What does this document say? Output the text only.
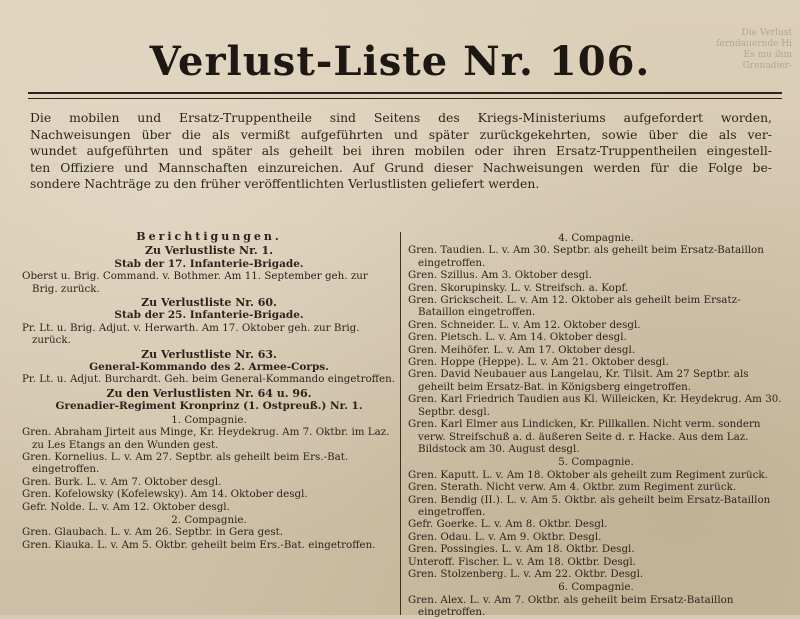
Die Verlust
ferndauernde Hi
Es mu ihm
Grenadier-
Verlust-Liste Nr. 106.
Die mobilen und Ersatz-Truppentheile sind Seitens des Kriegs-Ministeriums aufgefordert worden,
Nachweisungen über die als vermißt aufgeführten und später zurückgekehrten, sowie über die als ver-
wundet aufgeführten und später als geheilt bei ihren mobilen oder ihren Ersatz-Truppentheilen eingestell-
ten Offiziere und Mannschaften einzureichen. Auf Grund dieser Nachweisungen werden für die Folge be-
sondere Nachträge zu den früher veröffentlichten Verlustlisten geliefert werden.
Berichtigungen.
Zu Verlustliste Nr. 1.
Stab der 17. Infanterie-Brigade.
Oberst u. Brig. Command. v. Bothmer. Am 11. September geh. zur Brig. zurück.
Zu Verlustliste Nr. 60.
Stab der 25. Infanterie-Brigade.
Pr. Lt. u. Brig. Adjut. v. Herwarth. Am 17. Oktober geh. zur Brig. zurück.
Zu Verlustliste Nr. 63.
General-Kommando des 2. Armee-Corps.
Pr. Lt. u. Adjut. Burchardt. Geh. beim General-Kommando eingetroffen.
Zu den Verlustlisten Nr. 64 u. 96.
Grenadier-Regiment Kronprinz (1. Ostpreuß.) Nr. 1.
1. Compagnie.
Gren. Abraham Jirteit aus Minge, Kr. Heydekrug. Am 7. Oktbr. im Laz. zu Les Etangs an den Wunden gest.
Gren. Kornelius. L. v. Am 27. Septbr. als geheilt beim Ers.-Bat. eingetroffen.
Gren. Burk. L. v. Am 7. Oktober desgl.
Gren. Kofelowsky (Kofelewsky). Am 14. Oktober desgl.
Gefr. Nolde. L. v. Am 12. Oktober desgl.
2. Compagnie.
Gren. Glaubach. L. v. Am 26. Septbr. in Gera gest.
Gren. Kiauka. L. v. Am 5. Oktbr. geheilt beim Ers.-Bat. eingetroffen.
4. Compagnie.
Gren. Taudien. L. v. Am 30. Septbr. als geheilt beim Ersatz-Bataillon eingetroffen.
Gren. Szillus. Am 3. Oktober desgl.
Gren. Skorupinsky. L. v. Streifsch. a. Kopf.
Gren. Grickscheit. L. v. Am 12. Oktober als geheilt beim Ersatz-Bataillon eingetroffen.
Gren. Schneider. L. v. Am 12. Oktober desgl.
Gren. Pietsch. L. v. Am 14. Oktober desgl.
Gren. Meihöfer. L. v. Am 17. Oktober desgl.
Gren. Hoppe (Heppe). L. v. Am 21. Oktober desgl.
Gren. David Neubauer aus Langelau, Kr. Tilsit. Am 27 Septbr. als geheilt beim Ersatz-Bat. in Königsberg eingetroffen.
Gren. Karl Friedrich Taudien aus Kl. Willeicken, Kr. Heydekrug. Am 30. Septbr. desgl.
Gren. Karl Elmer aus Lindicken, Kr. Pillkallen. Nicht verm. sondern verw. Streifschuß a. d. äußeren Seite d. r. Hacke. Aus dem Laz. Bildstock am 30. August desgl.
5. Compagnie.
Gren. Kaputt. L. v. Am 18. Oktober als geheilt zum Regiment zurück.
Gren. Sterath. Nicht verw. Am 4. Oktbr. zum Regiment zurück.
Gren. Bendig (II.). L. v. Am 5. Oktbr. als geheilt beim Ersatz-Bataillon eingetroffen.
Gefr. Goerke. L. v. Am 8. Oktbr. Desgl.
Gren. Odau. L. v. Am 9. Oktbr. Desgl.
Gren. Possingies. L. v. Am 18. Oktbr. Desgl.
Unteroff. Fischer. L. v. Am 18. Oktbr. Desgl.
Gren. Stolzenberg. L. v. Am 22. Oktbr. Desgl.
6. Compagnie.
Gren. Alex. L. v. Am 7. Oktbr. als geheilt beim Ersatz-Bataillon eingetroffen.
